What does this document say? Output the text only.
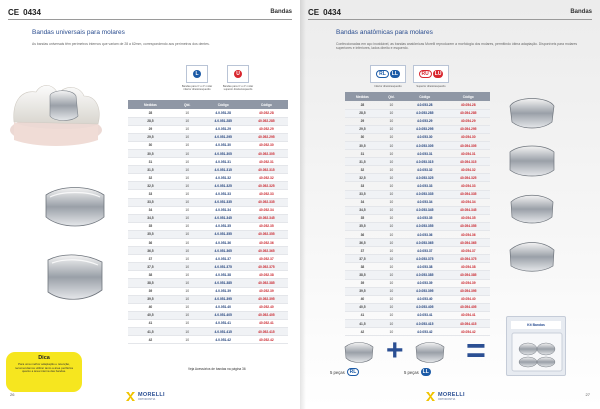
CE 0434	Bandas
Bandas universais para molares
As bandas universais têm perímetros internos que variam de 28 a 62mm, correspondendo aos perímetros dos dentes.
L
Bandas para 1º e 2º molar inferior direito/esquerdo
U
Bandas para 1º e 2º molar superior direito/esquerdo
Medidas	Qtd.	Código	Código
28	10	4.0.051.28	40.052.28
28,5	10	4.0.051.285	40.052.285
29	10	4.0.051.29	40.052.29
29,5	10	4.0.051.295	40.052.295
30	10	4.0.051.30	40.052.30
30,5	10	4.0.051.305	40.052.305
31	10	4.0.051.31	40.052.31
31,5	10	4.0.051.315	40.052.315
32	10	4.0.051.32	40.052.32
32,5	10	4.0.051.325	40.052.325
33	10	4.0.051.33	40.052.33
33,5	10	4.0.051.335	40.052.335
34	10	4.0.051.34	40.052.34
34,5	10	4.0.051.345	40.052.345
35	10	4.0.051.35	40.052.35
35,5	10	4.0.051.355	40.052.355
36	10	4.0.051.36	40.052.36
36,5	10	4.0.051.365	40.052.365
37	10	4.0.051.37	40.052.37
37,5	10	4.0.051.375	40.052.375
38	10	4.0.051.38	40.052.38
38,5	10	4.0.051.385	40.052.385
39	10	4.0.051.39	40.052.39
39,5	10	4.0.051.395	40.052.395
40	10	4.0.051.40	40.052.40
40,5	10	4.0.051.405	40.052.405
41	10	4.0.051.41	40.052.41
41,5	10	4.0.051.415	40.052.415
42	10	4.0.051.42	40.052.42
Veja Acessórios de bandas na página 36
Dica
Para uma melhor adaptação e retenção, recomendamos utilizar tanto a área periférica quanto a área interna das bandas.
26	MORELLI
ORTODONTIA
CE 0434	Bandas
Bandas anatômicas para molares
Confeccionadas em aço inoxidável, as bandas anatômicas Morelli reproduzem a morfologia dos molares, permitindo ótima adaptação. Disponíveis para molares superiores e inferiores, lados direito e esquerdo.
RL	LL
Inferior direito/esquerdo
RU	LU
Superior direito/esquerdo
Medidas	Qtd.	Código	Código
28	10	4.0.053.28	40.054.28
28,5	10	4.0.053.285	40.054.285
29	10	4.0.053.29	40.054.29
29,5	10	4.0.053.295	40.054.295
30	10	4.0.053.30	40.054.30
30,5	10	4.0.053.305	40.054.305
31	10	4.0.053.31	40.054.31
31,5	10	4.0.053.315	40.054.315
32	10	4.0.053.32	40.054.32
32,5	10	4.0.053.325	40.054.325
33	10	4.0.053.33	40.054.33
33,5	10	4.0.053.335	40.054.335
34	10	4.0.053.34	40.054.34
34,5	10	4.0.053.345	40.054.345
35	10	4.0.053.35	40.054.35
35,5	10	4.0.053.355	40.054.355
36	10	4.0.053.36	40.054.36
36,5	10	4.0.053.365	40.054.365
37	10	4.0.053.37	40.054.37
37,5	10	4.0.053.375	40.054.375
38	10	4.0.053.38	40.054.38
38,5	10	4.0.053.385	40.054.385
39	10	4.0.053.39	40.054.39
39,5	10	4.0.053.395	40.054.395
40	10	4.0.053.40	40.054.40
40,5	10	4.0.053.405	40.054.405
41	10	4.0.053.41	40.054.41
41,5	10	4.0.053.415	40.054.415
42	10	4.0.053.42	40.054.42
+ =
5 peças	RL	5 peças LL
Kit Bandas
27
MORELLI
ORTODONTIA
